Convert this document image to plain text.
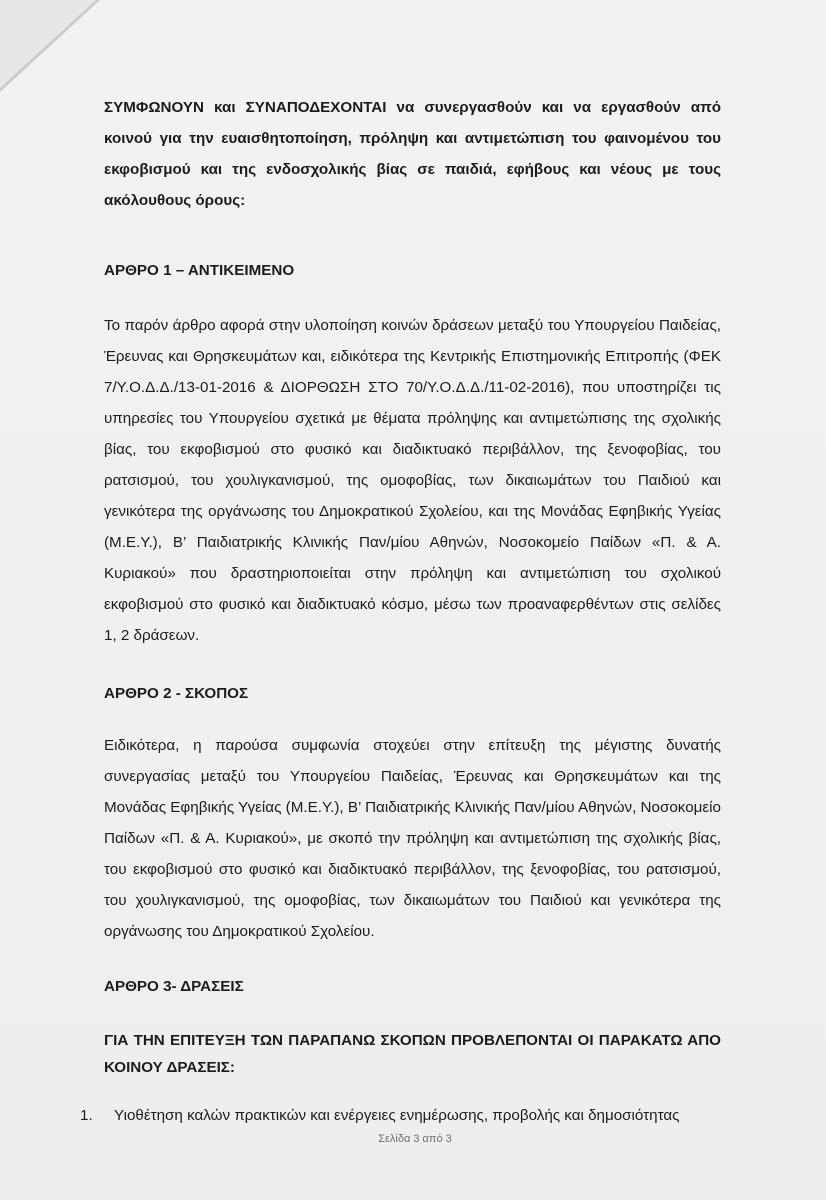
ΣΥΜΦΩΝΟΥΝ και ΣΥΝΑΠΟΔΕΧΟΝΤΑΙ να συνεργασθούν και να εργασθούν από κοινού για την ευαισθητοποίηση, πρόληψη και αντιμετώπιση του φαινομένου του εκφοβισμού και της ενδοσχολικής βίας σε παιδιά, εφήβους και νέους με τους ακόλουθους όρους:
ΑΡΘΡΟ 1 – ΑΝΤΙΚΕΙΜΕΝΟ
Το παρόν άρθρο αφορά στην υλοποίηση κοινών δράσεων μεταξύ του Υπουργείου Παιδείας, Έρευνας και Θρησκευμάτων και, ειδικότερα της Κεντρικής Επιστημονικής Επιτροπής (ΦΕΚ 7/Υ.Ο.Δ.Δ./13-01-2016 & ΔΙΟΡΘΩΣΗ ΣΤΟ 70/Υ.Ο.Δ.Δ./11-02-2016), που υποστηρίζει τις υπηρεσίες του Υπουργείου σχετικά με θέματα πρόληψης και αντιμετώπισης της σχολικής βίας, του εκφοβισμού στο φυσικό και διαδικτυακό περιβάλλον, της ξενοφοβίας, του ρατσισμού, του χουλιγκανισμού, της ομοφοβίας, των δικαιωμάτων του Παιδιού και γενικότερα της οργάνωσης του Δημοκρατικού Σχολείου, και της Μονάδας Εφηβικής Υγείας (Μ.Ε.Υ.), Β’ Παιδιατρικής Κλινικής Παν/μίου Αθηνών, Νοσοκομείο Παίδων «Π. & Α. Κυριακού» που δραστηριοποιείται στην πρόληψη και αντιμετώπιση του σχολικού εκφοβισμού στο φυσικό και διαδικτυακό κόσμο, μέσω των προαναφερθέντων στις σελίδες 1, 2 δράσεων.
ΑΡΘΡΟ 2 - ΣΚΟΠΟΣ
Ειδικότερα, η παρούσα συμφωνία στοχεύει στην επίτευξη της μέγιστης δυνατής συνεργασίας μεταξύ του Υπουργείου Παιδείας, Έρευνας και Θρησκευμάτων και της Μονάδας Εφηβικής Υγείας (Μ.Ε.Υ.), Β’ Παιδιατρικής Κλινικής Παν/μίου Αθηνών, Νοσοκομείο Παίδων «Π. & Α. Κυριακού», με σκοπό την πρόληψη και αντιμετώπιση της σχολικής βίας, του εκφοβισμού στο φυσικό και διαδικτυακό περιβάλλον, της ξενοφοβίας, του ρατσισμού, του χουλιγκανισμού, της ομοφοβίας, των δικαιωμάτων του Παιδιού και γενικότερα της οργάνωσης του Δημοκρατικού Σχολείου.
ΑΡΘΡΟ 3- ΔΡΑΣΕΙΣ
ΓΙΑ ΤΗΝ ΕΠΙΤΕΥΞΗ ΤΩΝ ΠΑΡΑΠΑΝΩ ΣΚΟΠΩΝ ΠΡΟΒΛΕΠΟΝΤΑΙ ΟΙ ΠΑΡΑΚΑΤΩ ΑΠΟ ΚΟΙΝΟΥ ΔΡΑΣΕΙΣ:
1. Υιοθέτηση καλών πρακτικών και ενέργειες ενημέρωσης, προβολής και δημοσιότητας
Σελίδα 3 από 3
